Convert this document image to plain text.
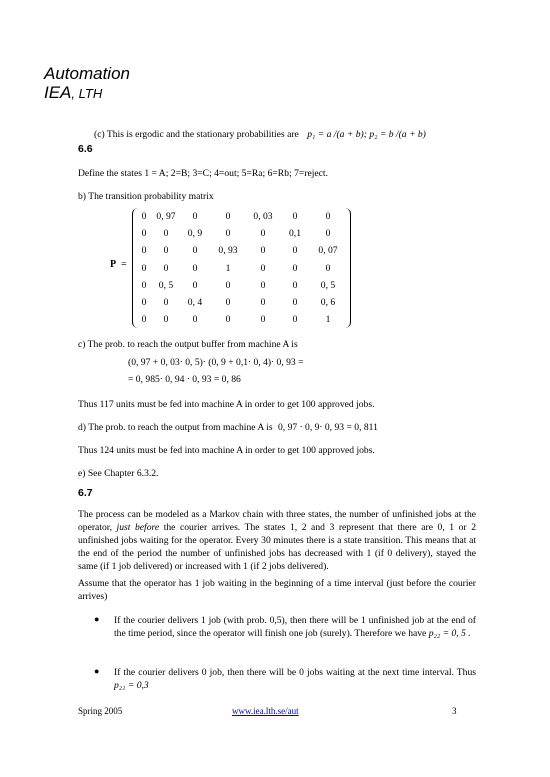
Automation
IEA, LTH
(c) This is ergodic and the stationary probabilities are p₁ = a /(a + b); p₂ = b /(a + b)
6.6
Define the states 1 = A; 2=B; 3=C; 4=out; 5=Ra; 6=Rb; 7=reject.
b) The transition probability matrix
P =
0	0, 97	0	0	0, 03	0	0
0	0	0, 9	0	0	0,1	0
0	0	0	0, 93	0	0	0, 07
0	0	0	1	0	0	0
0	0, 5	0	0	0	0	0, 5
0	0	0, 4	0	0	0	0, 6
0	0	0	0	0	0	1
c) The prob. to reach the output buffer from machine A is
(0, 97 + 0, 03⋅ 0, 5)⋅ (0, 9 + 0,1⋅ 0, 4)⋅ 0, 93 =
= 0, 985⋅ 0, 94 ⋅ 0, 93 = 0, 86
Thus 117 units must be fed into machine A in order to get 100 approved jobs.
d) The prob. to reach the output from machine A is 0, 97 ⋅ 0, 9⋅ 0, 93 = 0, 811
Thus 124 units must be fed into machine A in order to get 100 approved jobs.
e) See Chapter 6.3.2.
6.7
The process can be modeled as a Markov chain with three states, the number of unfinished jobs at the operator, just before the courier arrives. The states 1, 2 and 3 represent that there are 0, 1 or 2 unfinished jobs waiting for the operator. Every 30 minutes there is a state transition. This means that at the end of the period the number of unfinished jobs has decreased with 1 (if 0 delivery), stayed the same (if 1 job delivered) or increased with 1 (if 2 jobs delivered).
Assume that the operator has 1 job waiting in the beginning of a time interval (just before the courier arrives)
● If the courier delivers 1 job (with prob. 0,5), then there will be 1 unfinished job at the end of the time period, since the operator will finish one job (surely). Therefore we have p₂₂ = 0, 5 .
● If the courier delivers 0 job, then there will be 0 jobs waiting at the next time interval. Thus p₂₁ = 0,3
Spring 2005	www.iea.lth.se/aut	3
